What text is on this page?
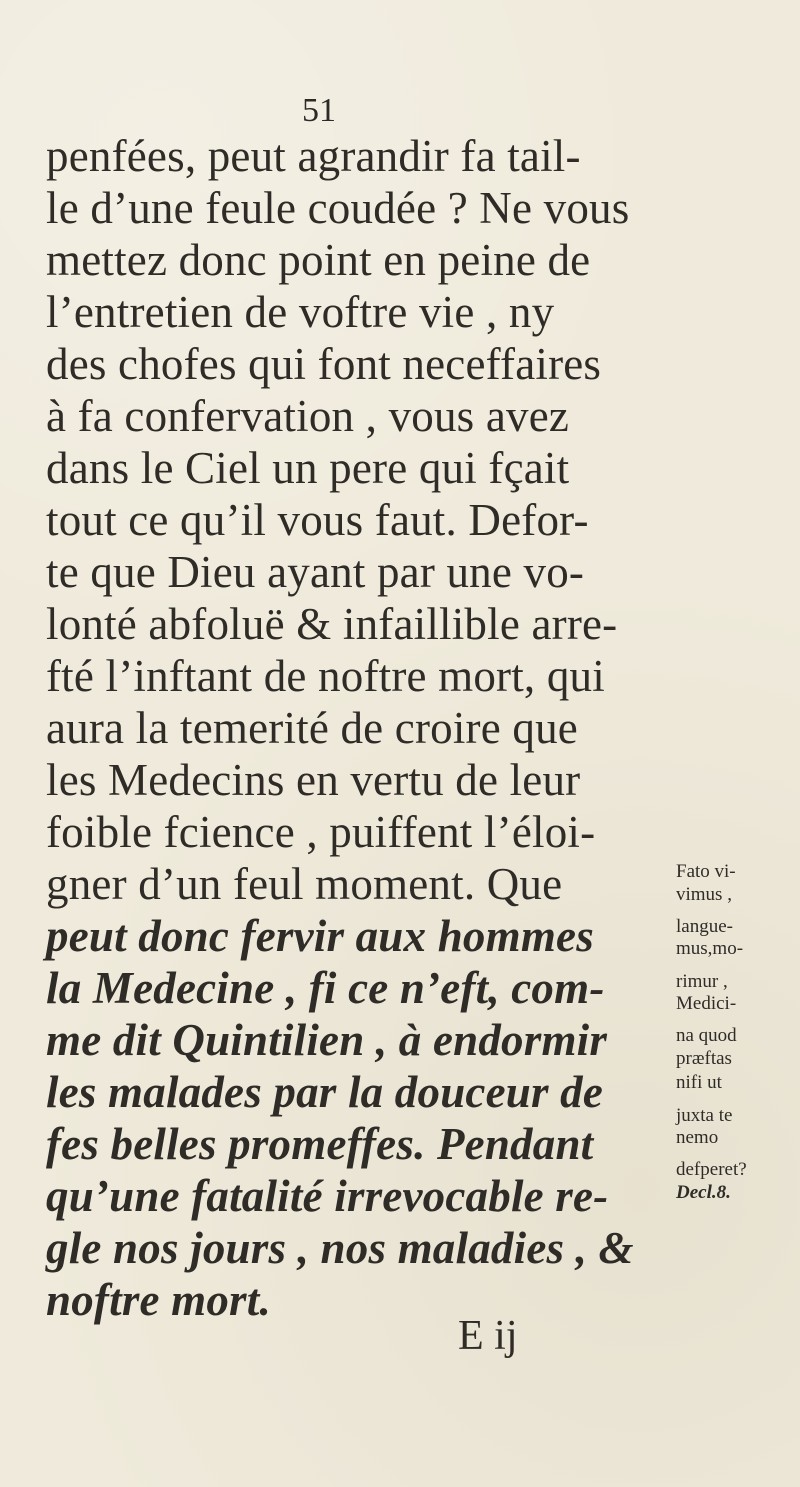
51
penfées, peut agrandir fa tail-
le d’une feule coudée ? Ne vous
mettez donc point en peine de
l’entretien de voftre vie , ny
des chofes qui font neceffaires
à fa confervation , vous avez
dans le Ciel un pere qui fçait
tout ce qu’il vous faut. Defor-
te que Dieu ayant par une vo-
lonté abfoluë & infaillible arre-
fté l’inftant de noftre mort, qui
aura la temerité de croire que
les Medecins en vertu de leur
foible fcience , puiffent l’éloi-
gner d’un feul moment. Que
peut donc fervir aux hommes
la Medecine , fi ce n’eft, com-
me dit Quintilien , à endormir
les malades par la douceur de
fes belles promeffes. Pendant
qu’une fatalité irrevocable re-
gle nos jours , nos maladies , &
noftre mort.
Fato vi-
vimus ,
langue-
mus,mo-
rimur ,
Medici-
na quod
præftas
nifi ut
juxta te
nemo
defperet?
Decl.8.
E ij
